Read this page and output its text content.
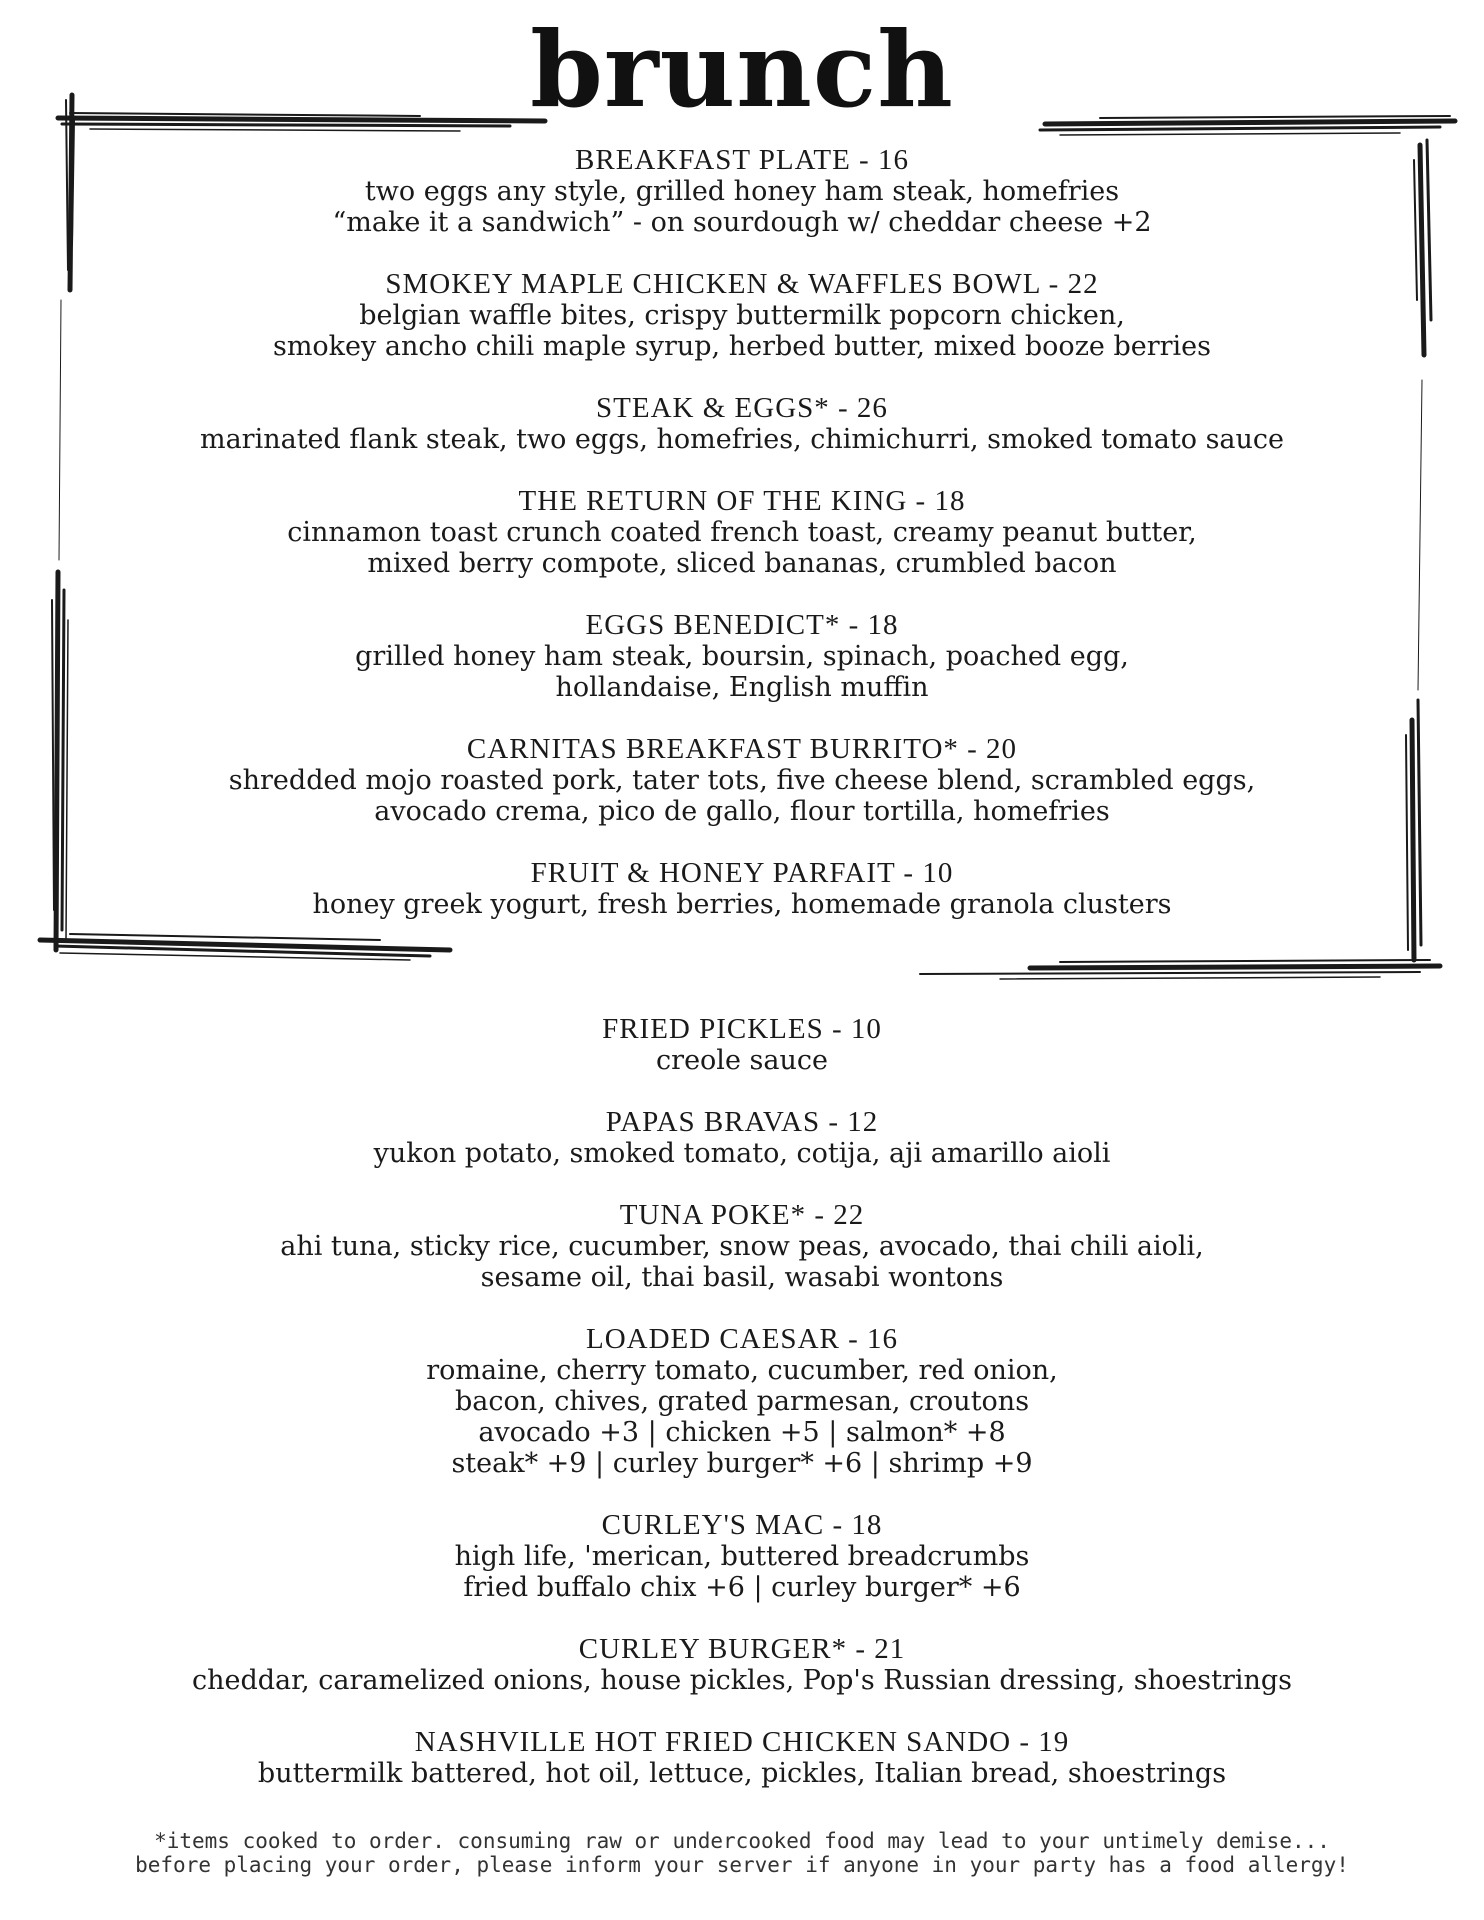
brunch
BREAKFAST PLATE - 16
two eggs any style, grilled honey ham steak, homefries
“make it a sandwich” - on sourdough w/ cheddar cheese +2
SMOKEY MAPLE CHICKEN & WAFFLES BOWL - 22
belgian waffle bites, crispy buttermilk popcorn chicken,
smokey ancho chili maple syrup, herbed butter, mixed booze berries
STEAK & EGGS* - 26
marinated flank steak, two eggs, homefries, chimichurri, smoked tomato sauce
THE RETURN OF THE KING - 18
cinnamon toast crunch coated french toast, creamy peanut butter,
mixed berry compote, sliced bananas, crumbled bacon
EGGS BENEDICT* - 18
grilled honey ham steak, boursin, spinach, poached egg,
hollandaise, English muffin
CARNITAS BREAKFAST BURRITO* - 20
shredded mojo roasted pork, tater tots, five cheese blend, scrambled eggs,
avocado crema, pico de gallo, flour tortilla, homefries
FRUIT & HONEY PARFAIT - 10
honey greek yogurt, fresh berries, homemade granola clusters
FRIED PICKLES - 10
creole sauce
PAPAS BRAVAS - 12
yukon potato, smoked tomato, cotija, aji amarillo aioli
TUNA POKE* - 22
ahi tuna, sticky rice, cucumber, snow peas, avocado, thai chili aioli,
sesame oil, thai basil, wasabi wontons
LOADED CAESAR - 16
romaine, cherry tomato, cucumber, red onion,
bacon, chives, grated parmesan, croutons
avocado +3 | chicken +5 | salmon* +8
steak* +9 | curley burger* +6 | shrimp +9
CURLEY'S MAC - 18
high life, 'merican, buttered breadcrumbs
fried buffalo chix +6 | curley burger* +6
CURLEY BURGER* - 21
cheddar, caramelized onions, house pickles, Pop's Russian dressing, shoestrings
NASHVILLE HOT FRIED CHICKEN SANDO - 19
buttermilk battered, hot oil, lettuce, pickles, Italian bread, shoestrings
*items cooked to order. consuming raw or undercooked food may lead to your untimely demise...
before placing your order, please inform your server if anyone in your party has a food allergy!
